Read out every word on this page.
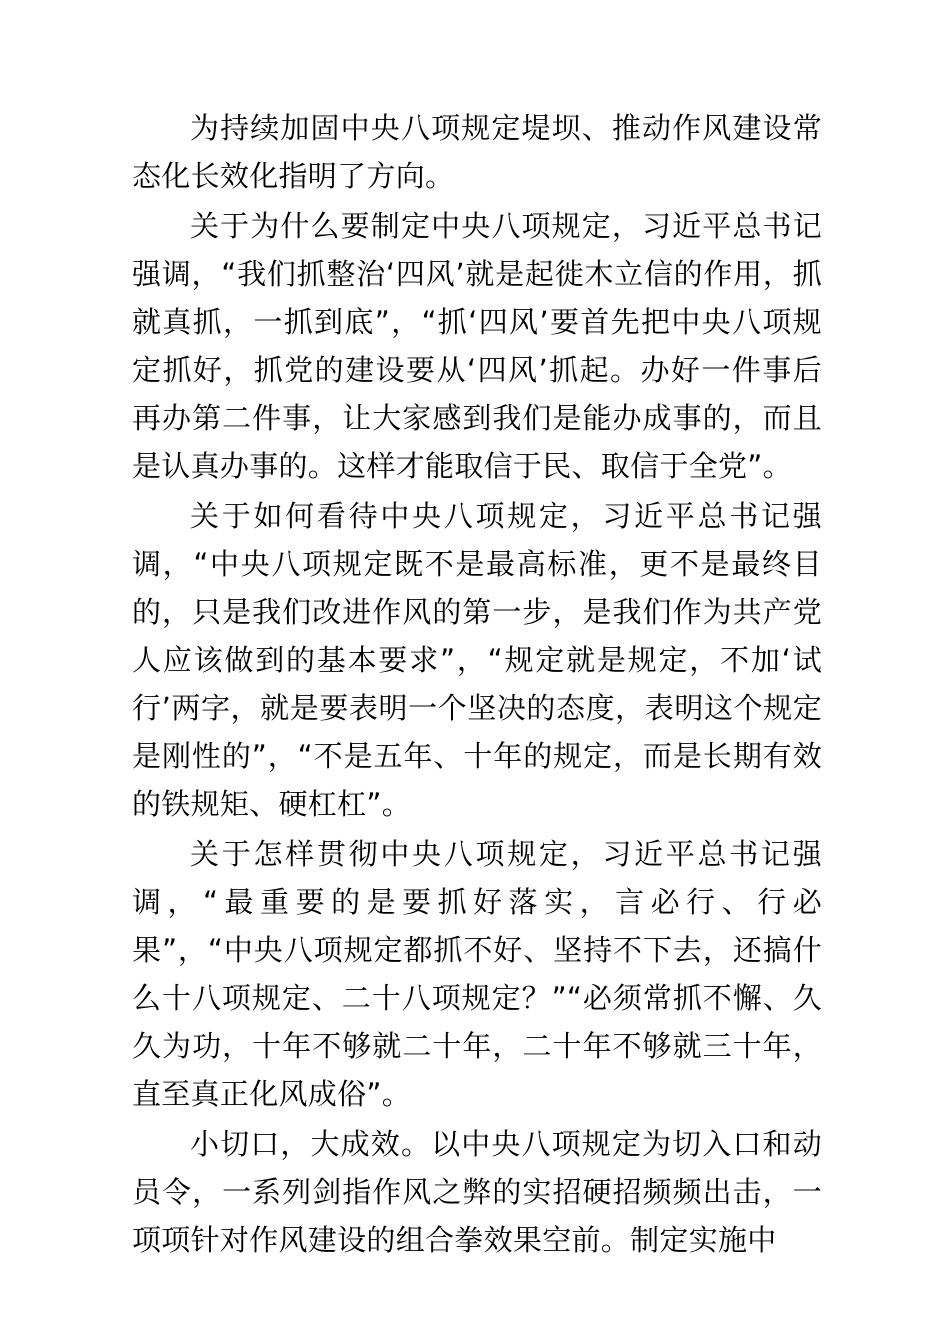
为持续加固中央八项规定堤坝、推动作风建设常态化长效化指明了方向。

关于为什么要制定中央八项规定，习近平总书记强调，“我们抓整治‘四风’就是起徙木立信的作用，抓就真抓，一抓到底”，“抓‘四风’要首先把中央八项规定抓好，抓党的建设要从‘四风’抓起。办好一件事后再办第二件事，让大家感到我们是能办成事的，而且是认真办事的。这样才能取信于民、取信于全党”。

关于如何看待中央八项规定，习近平总书记强调，“中央八项规定既不是最高标准，更不是最终目的，只是我们改进作风的第一步，是我们作为共产党人应该做到的基本要求”，“规定就是规定，不加‘试行’两字，就是要表明一个坚决的态度，表明这个规定是刚性的”，“不是五年、十年的规定，而是长期有效的铁规矩、硬杠杠”。

关于怎样贯彻中央八项规定，习近平总书记强调，“最重要的是要抓好落实，言必行、行必果”，“中央八项规定都抓不好、坚持不下去，还搞什么十八项规定、二十八项规定？”“必须常抓不懈、久久为功，十年不够就二十年，二十年不够就三十年，直至真正化风成俗”。

小切口，大成效。以中央八项规定为切入口和动员令，一系列剑指作风之弊的实招硬招频频出击，一项项针对作风建设的组合拳效果空前。制定实施中
